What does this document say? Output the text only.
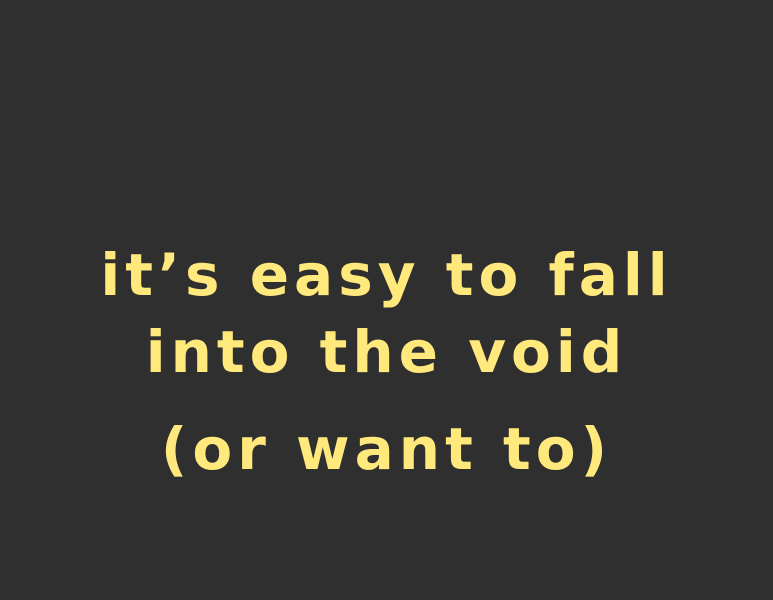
it’s easy to fall
into the void
(or want to)
